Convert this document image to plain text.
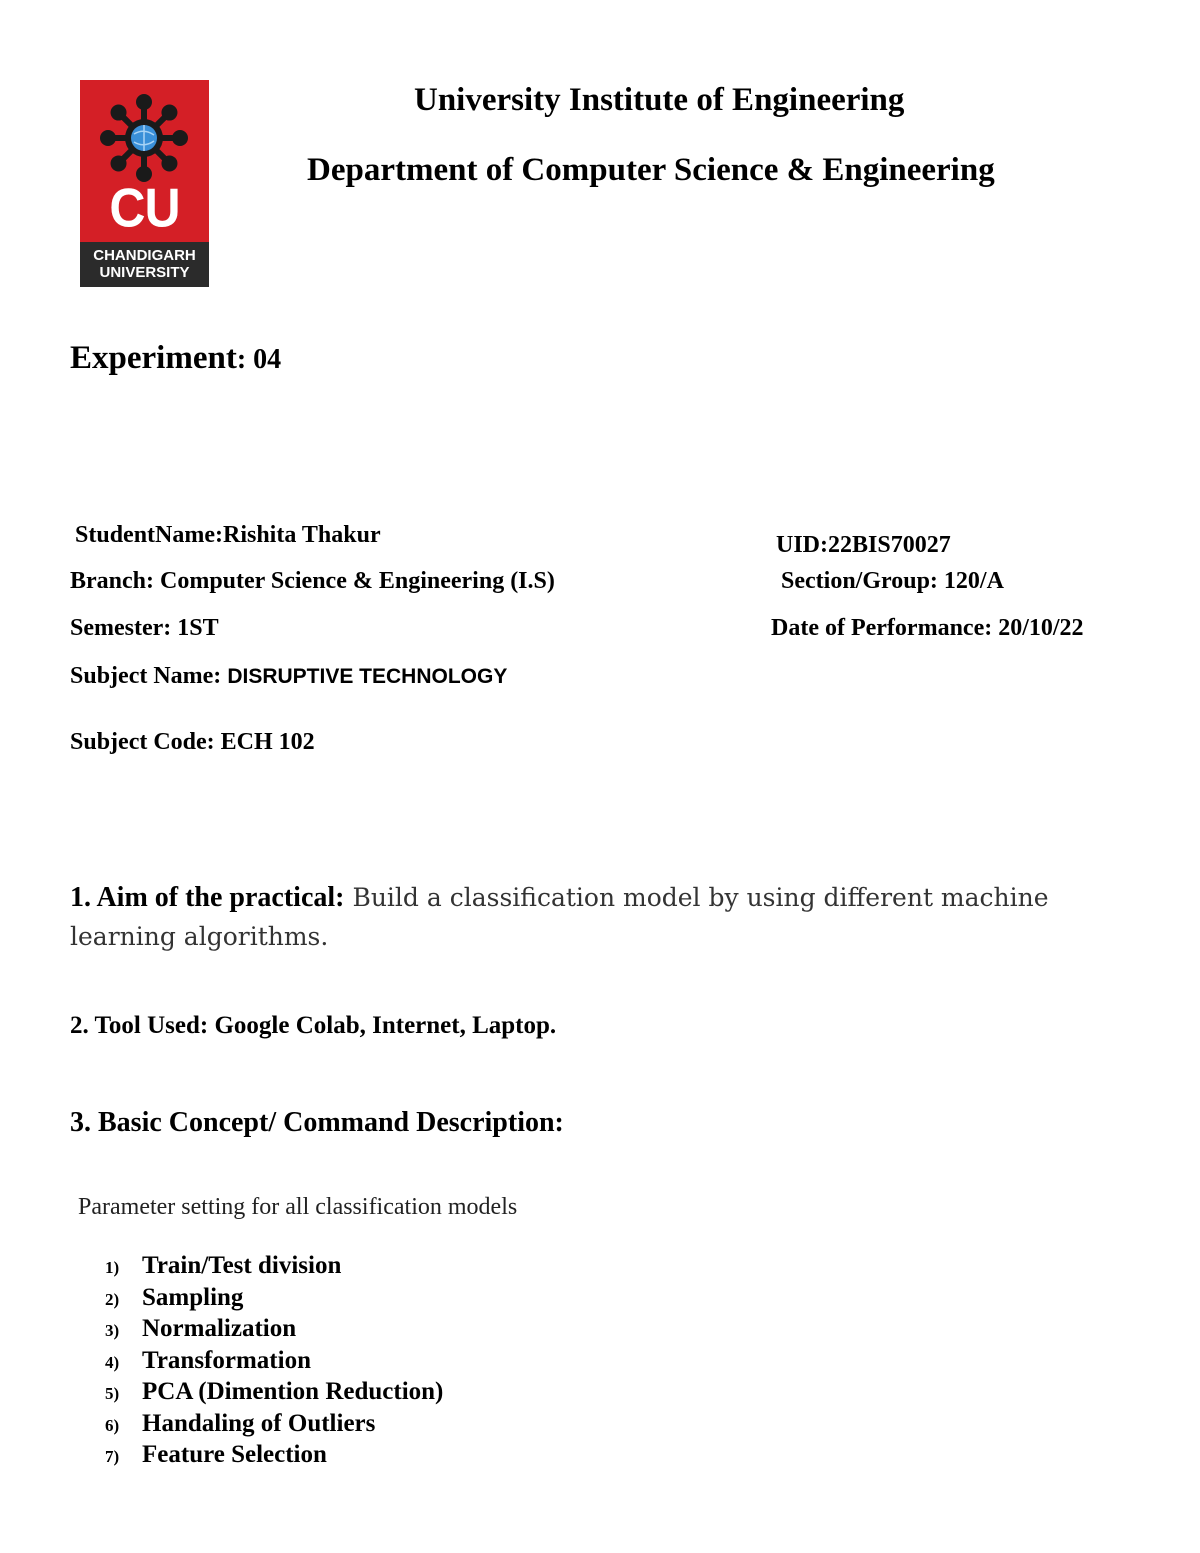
CU
CHANDIGARH
UNIVERSITY
University Institute of Engineering
Department of Computer Science & Engineering
Experiment: 04
StudentName:Rishita Thakur	UID:22BIS70027
Branch: Computer Science & Engineering (I.S)	Section/Group: 120/A
Semester: 1ST	Date of Performance: 20/10/22
Subject Name: DISRUPTIVE TECHNOLOGY
Subject Code: ECH 102
1. Aim of the practical: Build a classification model by using different machine
learning algorithms.
2. Tool Used: Google Colab, Internet, Laptop.
3. Basic Concept/ Command Description:
Parameter setting for all classification models
1) Train/Test division
2) Sampling
3) Normalization
4) Transformation
5) PCA (Dimention Reduction)
6) Handaling of Outliers
7) Feature Selection
